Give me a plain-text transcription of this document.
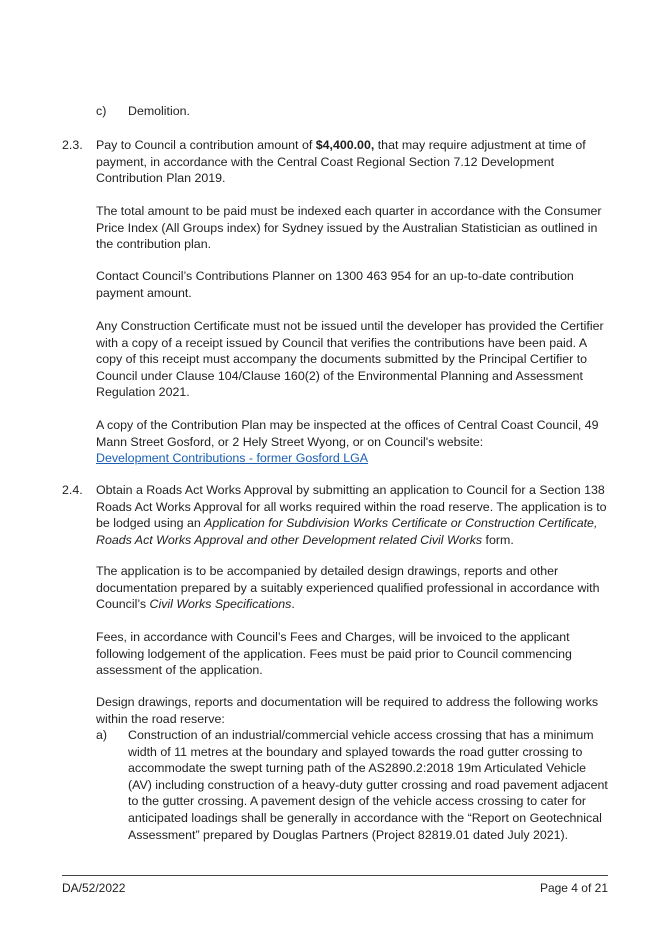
c) Demolition.

2.3. Pay to Council a contribution amount of $4,400.00, that may require adjustment at time of payment, in accordance with the Central Coast Regional Section 7.12 Development Contribution Plan 2019.

The total amount to be paid must be indexed each quarter in accordance with the Consumer Price Index (All Groups index) for Sydney issued by the Australian Statistician as outlined in the contribution plan.

Contact Council’s Contributions Planner on 1300 463 954 for an up-to-date contribution payment amount.

Any Construction Certificate must not be issued until the developer has provided the Certifier with a copy of a receipt issued by Council that verifies the contributions have been paid. A copy of this receipt must accompany the documents submitted by the Principal Certifier to Council under Clause 104/Clause 160(2) of the Environmental Planning and Assessment Regulation 2021.

A copy of the Contribution Plan may be inspected at the offices of Central Coast Council, 49 Mann Street Gosford, or 2 Hely Street Wyong, or on Council's website:
Development Contributions - former Gosford LGA

2.4. Obtain a Roads Act Works Approval by submitting an application to Council for a Section 138 Roads Act Works Approval for all works required within the road reserve. The application is to be lodged using an Application for Subdivision Works Certificate or Construction Certificate, Roads Act Works Approval and other Development related Civil Works form.

The application is to be accompanied by detailed design drawings, reports and other documentation prepared by a suitably experienced qualified professional in accordance with Council’s Civil Works Specifications.

Fees, in accordance with Council’s Fees and Charges, will be invoiced to the applicant following lodgement of the application. Fees must be paid prior to Council commencing assessment of the application.

Design drawings, reports and documentation will be required to address the following works within the road reserve:

a) Construction of an industrial/commercial vehicle access crossing that has a minimum width of 11 metres at the boundary and splayed towards the road gutter crossing to accommodate the swept turning path of the AS2890.2:2018 19m Articulated Vehicle (AV) including construction of a heavy-duty gutter crossing and road pavement adjacent to the gutter crossing. A pavement design of the vehicle access crossing to cater for anticipated loadings shall be generally in accordance with the “Report on Geotechnical Assessment” prepared by Douglas Partners (Project 82819.01 dated July 2021).

DA/52/2022	Page 4 of 21
